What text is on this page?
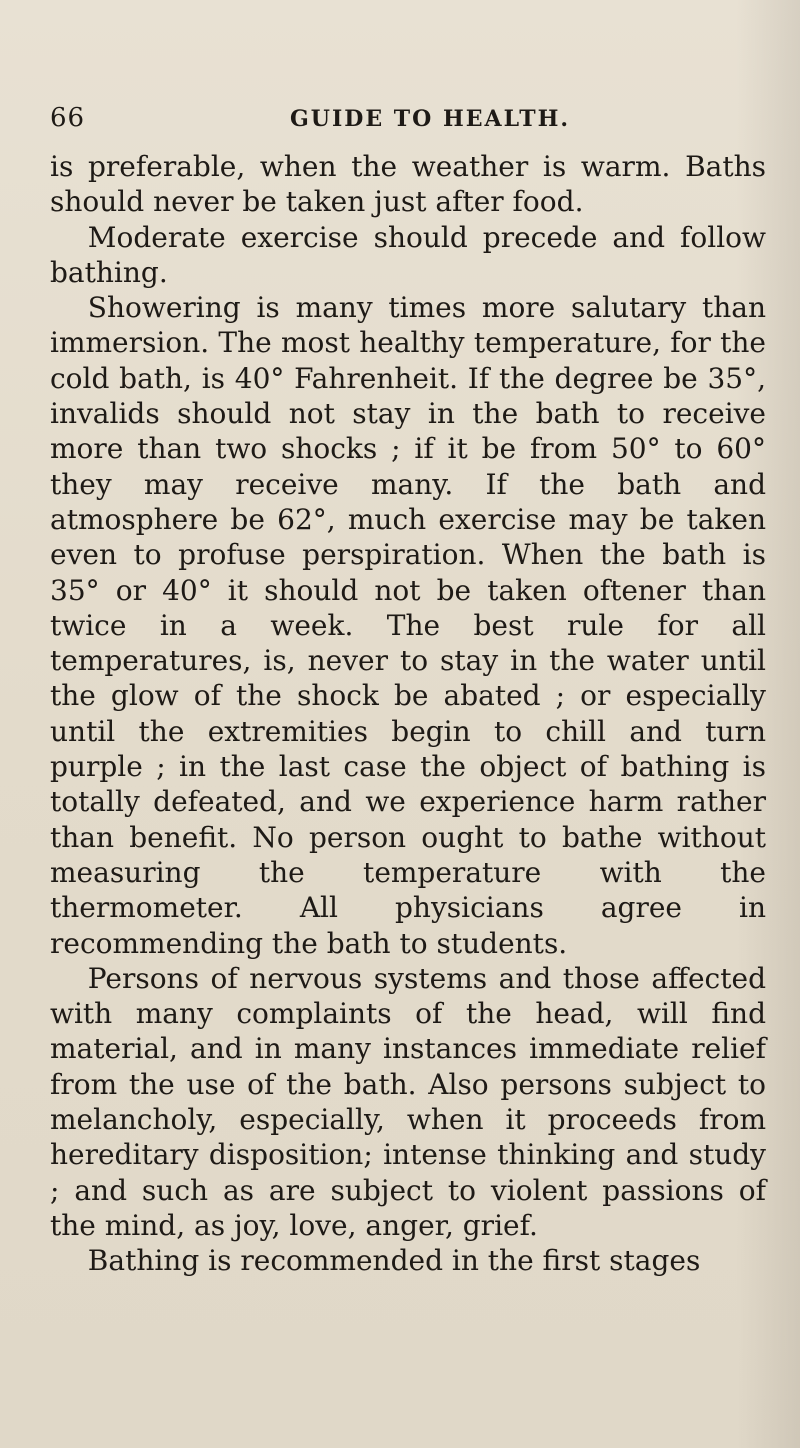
66	GUIDE TO HEALTH.

is preferable, when the weather is warm. Baths should never be taken just after food.

Moderate exercise should precede and follow bathing.

Showering is many times more salutary than immersion. The most healthy temperature, for the cold bath, is 40° Fahrenheit. If the degree be 35°, invalids should not stay in the bath to receive more than two shocks ; if it be from 50° to 60° they may receive many. If the bath and atmosphere be 62°, much exercise may be taken even to profuse perspiration. When the bath is 35° or 40° it should not be taken oftener than twice in a week. The best rule for all temperatures, is, never to stay in the water until the glow of the shock be abated ; or especially until the extremities begin to chill and turn purple ; in the last case the object of bathing is totally defeated, and we experience harm rather than benefit. No person ought to bathe without measuring the temperature with the thermometer. All physicians agree in recommending the bath to students.

Persons of nervous systems and those affected with many complaints of the head, will find material, and in many instances immediate relief from the use of the bath. Also persons subject to melancholy, especially, when it proceeds from hereditary disposition; intense thinking and study ; and such as are subject to violent passions of the mind, as joy, love, anger, grief.

Bathing is recommended in the first stages
